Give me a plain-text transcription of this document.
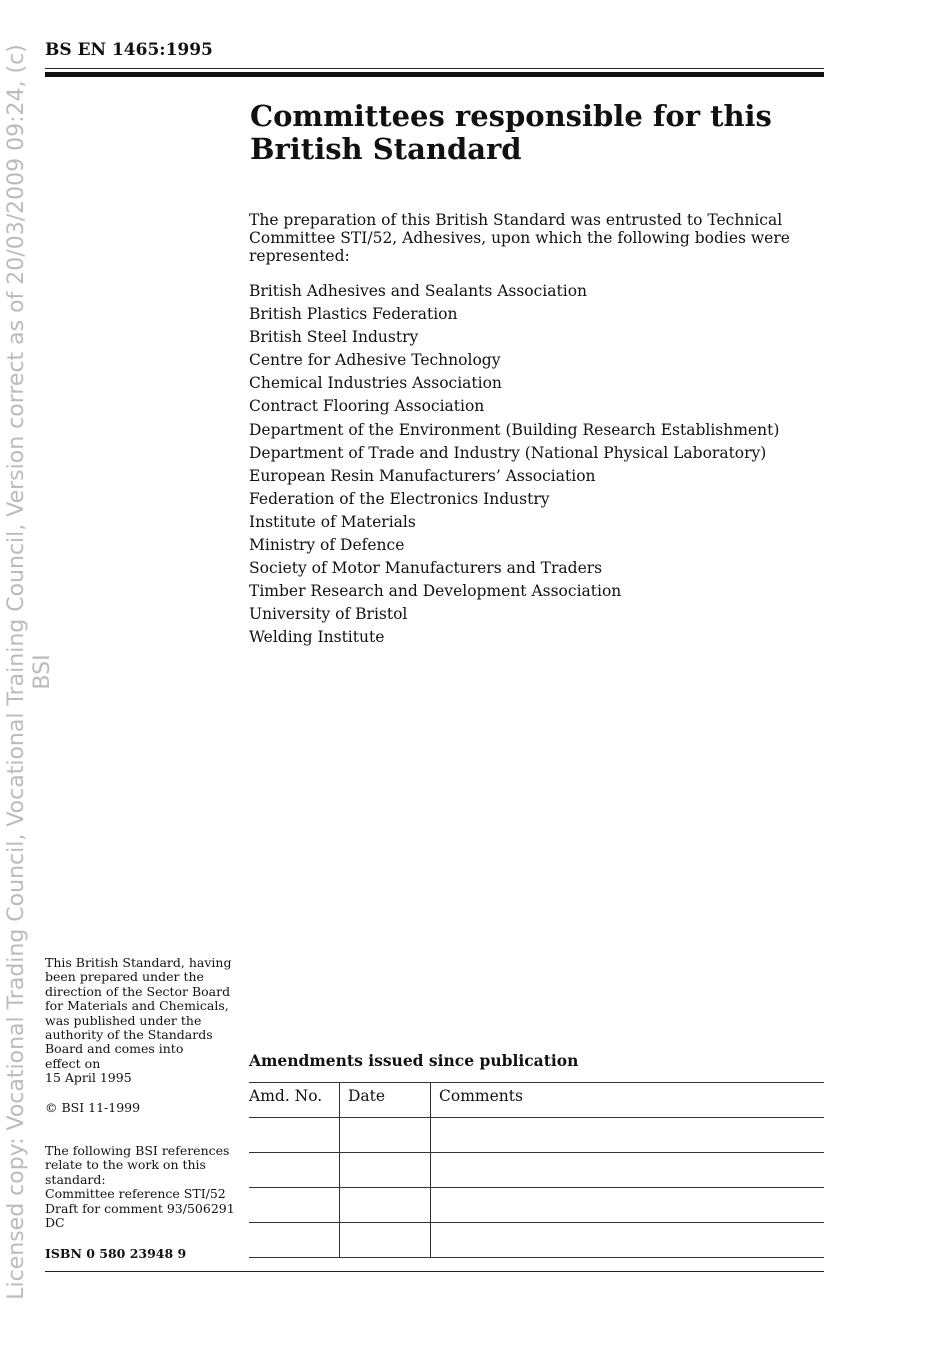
Licensed copy: Vocational Trading Council, Vocational Training Council, Version correct as of 20/03/2009 09:24, (c) BSI
BS EN 1465:1995
Committees responsible for this
British Standard

The preparation of this British Standard was entrusted to Technical Committee STI/52, Adhesives, upon which the following bodies were represented:

British Adhesives and Sealants Association
British Plastics Federation
British Steel Industry
Centre for Adhesive Technology
Chemical Industries Association
Contract Flooring Association
Department of the Environment (Building Research Establishment)
Department of Trade and Industry (National Physical Laboratory)
European Resin Manufacturers’ Association
Federation of the Electronics Industry
Institute of Materials
Ministry of Defence
Society of Motor Manufacturers and Traders
Timber Research and Development Association
University of Bristol
Welding Institute
This British Standard, having
been prepared under the
direction of the Sector Board
for Materials and Chemicals,
was published under the
authority of the Standards
Board and comes into
effect on
15 April 1995
© BSI 11-1999
The following BSI references
relate to the work on this
standard:
Committee reference STI/52
Draft for comment 93/506291 DC
ISBN 0 580 23948 9
Amendments issued since publication
Amd. No.	Date	Comments
